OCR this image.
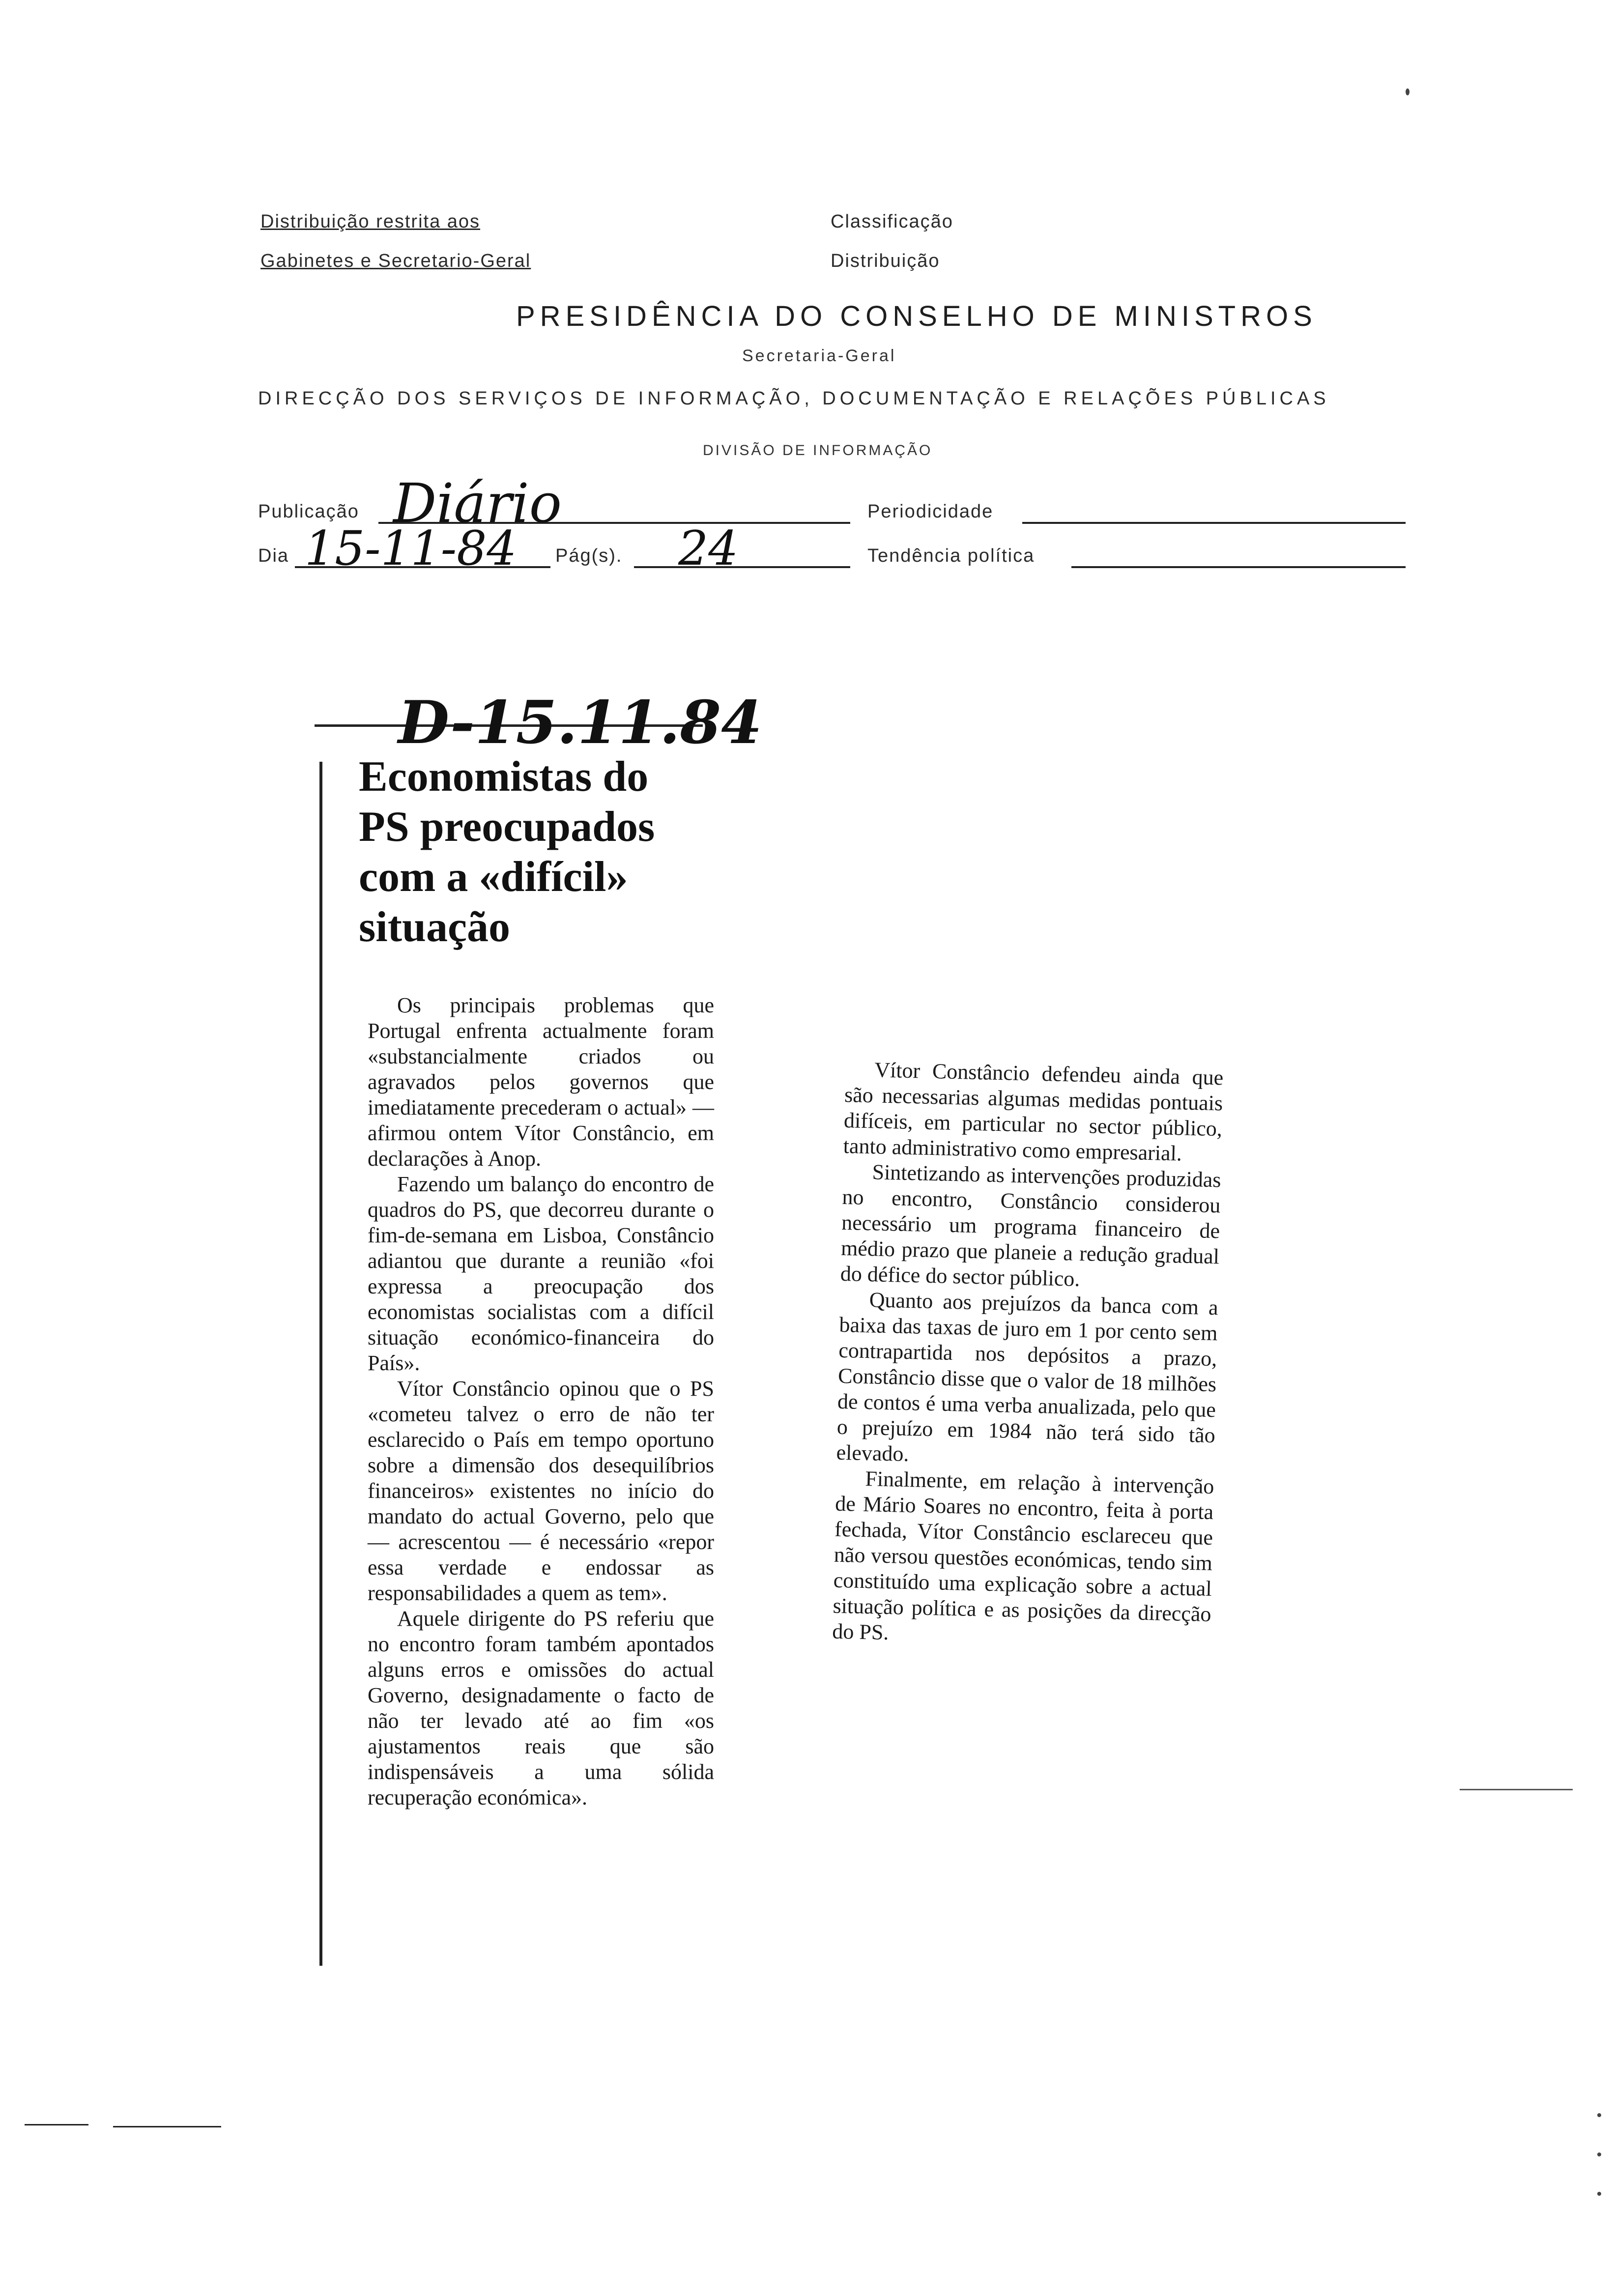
Distribuição restrita aos
Gabinetes e Secretario-Geral
Classificação
Distribuição
PRESIDÊNCIA DO CONSELHO DE MINISTROS
Secretaria-Geral
DIRECÇÃO DOS SERVIÇOS DE INFORMAÇÃO, DOCUMENTAÇÃO E RELAÇÕES PÚBLICAS
DIVISÃO DE INFORMAÇÃO
Publicação Diário	Periodicidade
Dia 15-11-84 Pág(s). 24	Tendência política
D-15.11.84
Economistas do PS preocupados com a «difícil» situação

Os principais problemas que Portugal enfrenta actualmente foram «substancialmente criados ou agravados pelos governos que imediatamente precederam o actual» — afirmou ontem Vítor Constâncio, em declarações à Anop.

Fazendo um balanço do encontro de quadros do PS, que decorreu durante o fim-de-semana em Lisboa, Constâncio adiantou que durante a reunião «foi expressa a preocupação dos economistas socialistas com a difícil situação económico-financeira do País».

Vítor Constâncio opinou que o PS «cometeu talvez o erro de não ter esclarecido o País em tempo oportuno sobre a dimensão dos desequilíbrios financeiros» existentes no início do mandato do actual Governo, pelo que — acrescentou — é necessário «repor essa verdade e endossar as responsabilidades a quem as tem».

Aquele dirigente do PS referiu que no encontro foram também apontados alguns erros e omissões do actual Governo, designadamente o facto de não ter levado até ao fim «os ajustamentos reais que são indispensáveis a uma sólida recuperação económica».

Vítor Constâncio defendeu ainda que são necessarias algumas medidas pontuais difíceis, em particular no sector público, tanto administrativo como empresarial.

Sintetizando as intervenções produzidas no encontro, Constâncio considerou necessário um programa financeiro de médio prazo que planeie a redução gradual do défice do sector público.

Quanto aos prejuízos da banca com a baixa das taxas de juro em 1 por cento sem contrapartida nos depósitos a prazo, Constâncio disse que o valor de 18 milhões de contos é uma verba anualizada, pelo que o prejuízo em 1984 não terá sido tão elevado.

Finalmente, em relação à intervenção de Mário Soares no encontro, feita à porta fechada, Vítor Constâncio esclareceu que não versou questões económicas, tendo sim constituído uma explicação sobre a actual situação política e as posições da direcção do PS.
